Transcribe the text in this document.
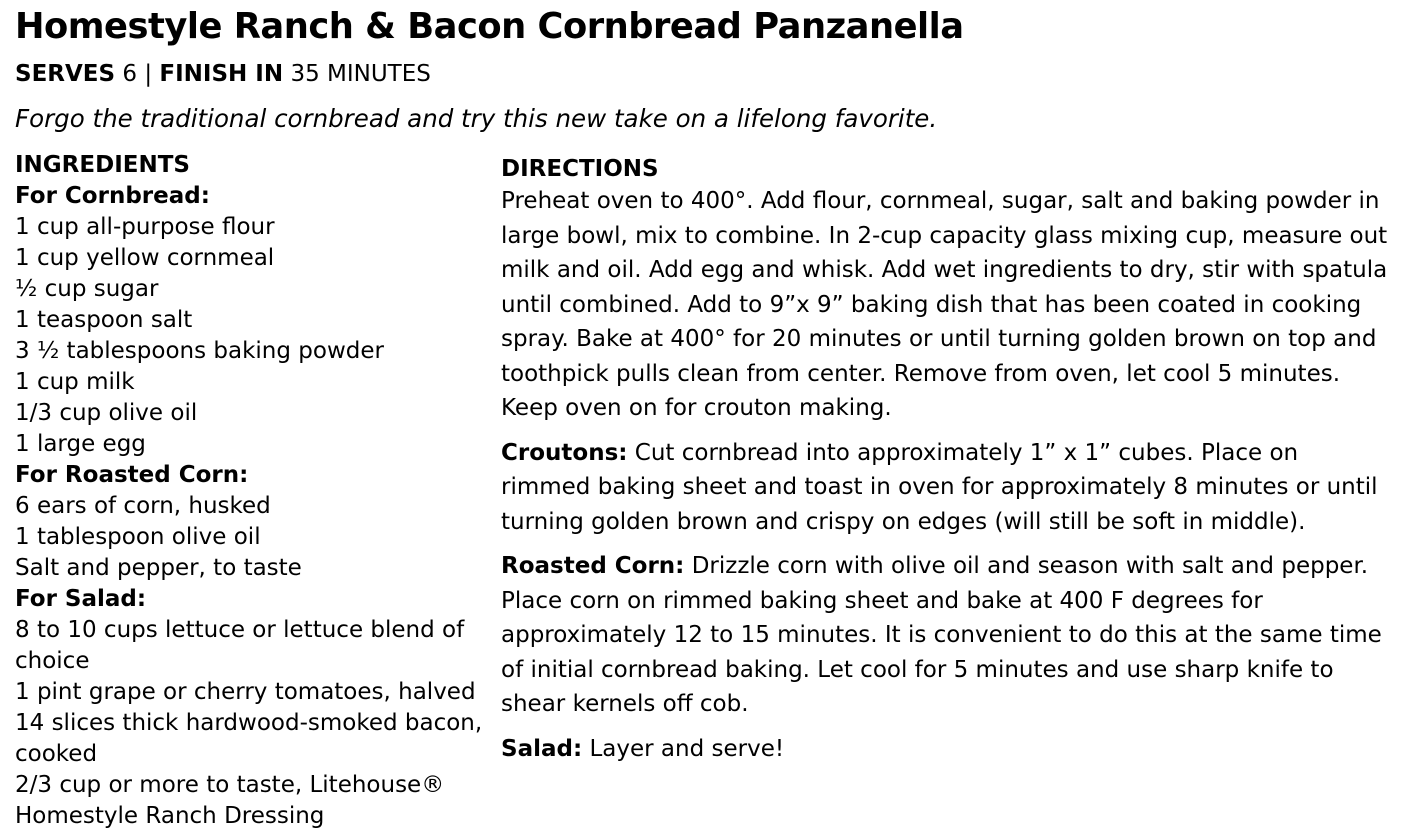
Homestyle Ranch & Bacon Cornbread Panzanella
SERVES 6 | FINISH IN 35 MINUTES
Forgo the traditional cornbread and try this new take on a lifelong favorite.
INGREDIENTS
For Cornbread:
1 cup all-purpose flour
1 cup yellow cornmeal
½ cup sugar
1 teaspoon salt
3 ½ tablespoons baking powder
1 cup milk
1/3 cup olive oil
1 large egg
For Roasted Corn:
6 ears of corn, husked
1 tablespoon olive oil
Salt and pepper, to taste
For Salad:
8 to 10 cups lettuce or lettuce blend of choice
1 pint grape or cherry tomatoes, halved
14 slices thick hardwood-smoked bacon, cooked
2/3 cup or more to taste, Litehouse® Homestyle Ranch Dressing
DIRECTIONS

Preheat oven to 400°. Add flour, cornmeal, sugar, salt and baking powder in large bowl, mix to combine. In 2-cup capacity glass mixing cup, measure out milk and oil. Add egg and whisk. Add wet ingredients to dry, stir with spatula until combined. Add to 9”x 9” baking dish that has been coated in cooking spray. Bake at 400° for 20 minutes or until turning golden brown on top and toothpick pulls clean from center. Remove from oven, let cool 5 minutes. Keep oven on for crouton making.

Croutons: Cut cornbread into approximately 1” x 1” cubes. Place on rimmed baking sheet and toast in oven for approximately 8 minutes or until turning golden brown and crispy on edges (will still be soft in middle).

Roasted Corn: Drizzle corn with olive oil and season with salt and pepper. Place corn on rimmed baking sheet and bake at 400 F degrees for approximately 12 to 15 minutes. It is convenient to do this at the same time of initial cornbread baking. Let cool for 5 minutes and use sharp knife to shear kernels off cob.

Salad: Layer and serve!
